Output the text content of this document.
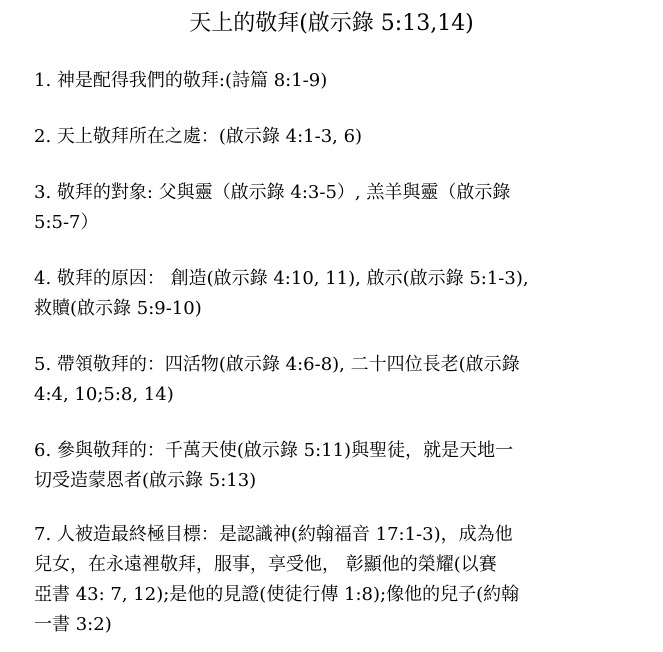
天上的敬拜(啟示錄 5:13,14)
1. 神是配得我們的敬拜:(詩篇 8:1-9)
2. 天上敬拜所在之處：(啟示錄 4:1-3, 6)
3. 敬拜的對象: 父與靈（啟示錄 4:3-5）, 羔羊與靈（啟示錄
5:5-7）
4. 敬拜的原因： 創造(啟示錄 4:10, 11), 啟示(啟示錄 5:1-3),
救贖(啟示錄 5:9-10)
5. 帶領敬拜的：四活物(啟示錄 4:6-8), 二十四位長老(啟示錄
4:4, 10;5:8, 14)
6. 參與敬拜的：千萬天使(啟示錄 5:11)與聖徒，就是天地一
切受造蒙恩者(啟示錄 5:13)
7. 人被造最終極目標：是認識神(約翰福音 17:1-3)，成為他
兒女，在永遠裡敬拜，服事，享受他， 彰顯他的榮耀(以賽
亞書 43: 7, 12);是他的見證(使徒行傳 1:8);像他的兒子(約翰
一書 3:2)
